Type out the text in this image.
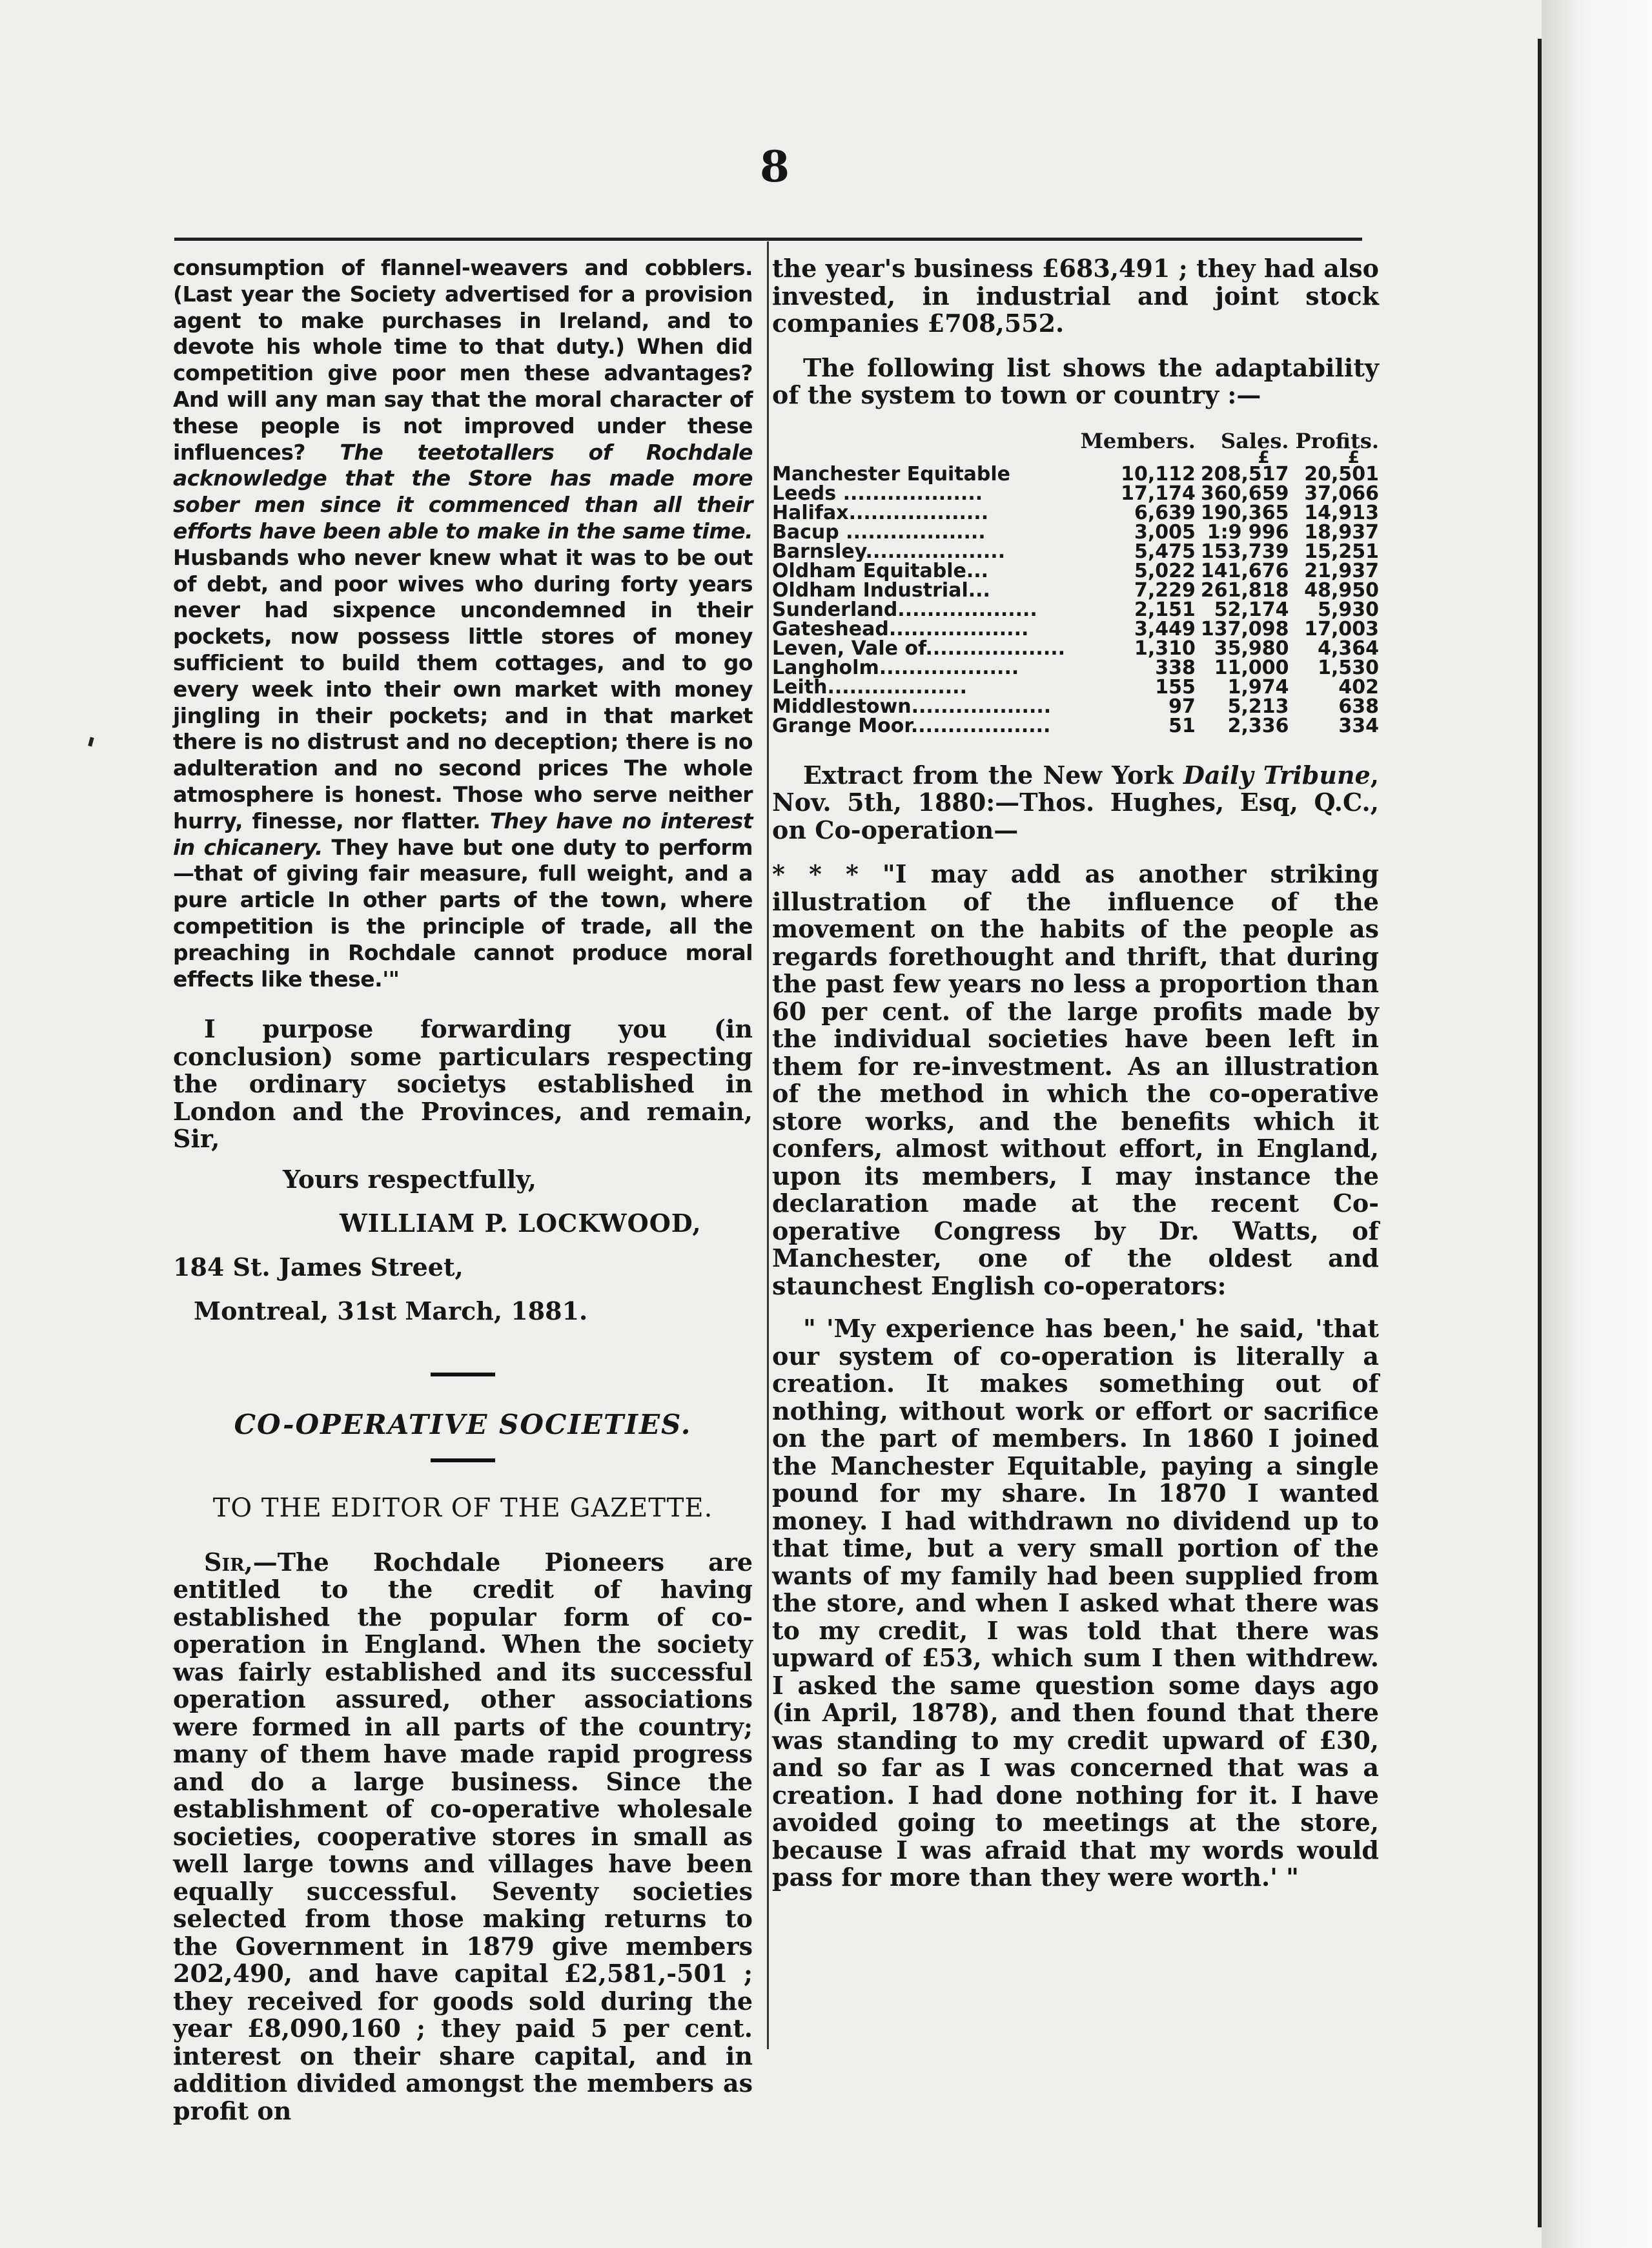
8

consumption of flannel-weavers and cobblers. (Last year the Society advertised for a provision agent to make purchases in Ireland, and to devote his whole time to that duty.) When did competition give poor men these advantages? And will any man say that the moral character of these people is not improved under these influences? The teetotallers of Rochdale acknowledge that the Store has made more sober men since it commenced than all their efforts have been able to make in the same time. Husbands who never knew what it was to be out of debt, and poor wives who during forty years never had sixpence uncondemned in their pockets, now possess little stores of money sufficient to build them cottages, and to go every week into their own market with money jingling in their pockets; and in that market there is no distrust and no deception; there is no adulteration and no second prices The whole atmosphere is honest. Those who serve neither hurry, finesse, nor flatter. They have no interest in chicanery. They have but one duty to perform—that of giving fair measure, full weight, and a pure article In other parts of the town, where competition is the principle of trade, all the preaching in Rochdale cannot produce moral effects like these.'"

I purpose forwarding you (in conclusion) some particulars respecting the ordinary societys established in London and the Provinces, and remain, Sir,

Yours respectfully,

WILLIAM P. LOCKWOOD,

184 St. James Street,

Montreal, 31st March, 1881.

CO-OPERATIVE SOCIETIES.

TO THE EDITOR OF THE GAZETTE.

Sir,—The Rochdale Pioneers are entitled to the credit of having established the popular form of co-operation in England. When the society was fairly established and its successful operation assured, other associations were formed in all parts of the country; many of them have made rapid progress and do a large business. Since the establishment of co-operative wholesale societies, cooperative stores in small as well large towns and villages have been equally successful. Seventy societies selected from those making returns to the Government in 1879 give members 202,490, and have capital £2,581,-501 ; they received for goods sold during the year £8,090,160 ; they paid 5 per cent. interest on their share capital, and in addition divided amongst the members as profit on

the year's business £683,491 ; they had also invested, in industrial and joint stock companies £708,552.

The following list shows the adaptability of the system to town or country :—

	Members.	Sales.	Profits.
		£	£
Manchester Equitable	10,112	208,517	20,501
Leeds ...................	17,174	360,659	37,066
Halifax...................	6,639	190,365	14,913
Bacup ...................	3,005	1:9 996	18,937
Barnsley...................	5,475	153,739	15,251
Oldham Equitable...	5,022	141,676	21,937
Oldham Industrial...	7,229	261,818	48,950
Sunderland...................	2,151	52,174	5,930
Gateshead...................	3,449	137,098	17,003
Leven, Vale of...................	1,310	35,980	4,364
Langholm...................	338	11,000	1,530
Leith...................	155	1,974	402
Middlestown...................	97	5,213	638
Grange Moor...................	51	2,336	334

Extract from the New York Daily Tribune, Nov. 5th, 1880:—Thos. Hughes, Esq, Q.C., on Co-operation—

* * * "I may add as another striking illustration of the influence of the movement on the habits of the people as regards forethought and thrift, that during the past few years no less a proportion than 60 per cent. of the large profits made by the individual societies have been left in them for re-investment. As an illustration of the method in which the co-operative store works, and the benefits which it confers, almost without effort, in England, upon its members, I may instance the declaration made at the recent Co-operative Congress by Dr. Watts, of Manchester, one of the oldest and staunchest English co-operators:

" 'My experience has been,' he said, 'that our system of co-operation is literally a creation. It makes something out of nothing, without work or effort or sacrifice on the part of members. In 1860 I joined the Manchester Equitable, paying a single pound for my share. In 1870 I wanted money. I had withdrawn no dividend up to that time, but a very small portion of the wants of my family had been supplied from the store, and when I asked what there was to my credit, I was told that there was upward of £53, which sum I then withdrew. I asked the same question some days ago (in April, 1878), and then found that there was standing to my credit upward of £30, and so far as I was concerned that was a creation. I had done nothing for it. I have avoided going to meetings at the store, because I was afraid that my words would pass for more than they were worth.' "
